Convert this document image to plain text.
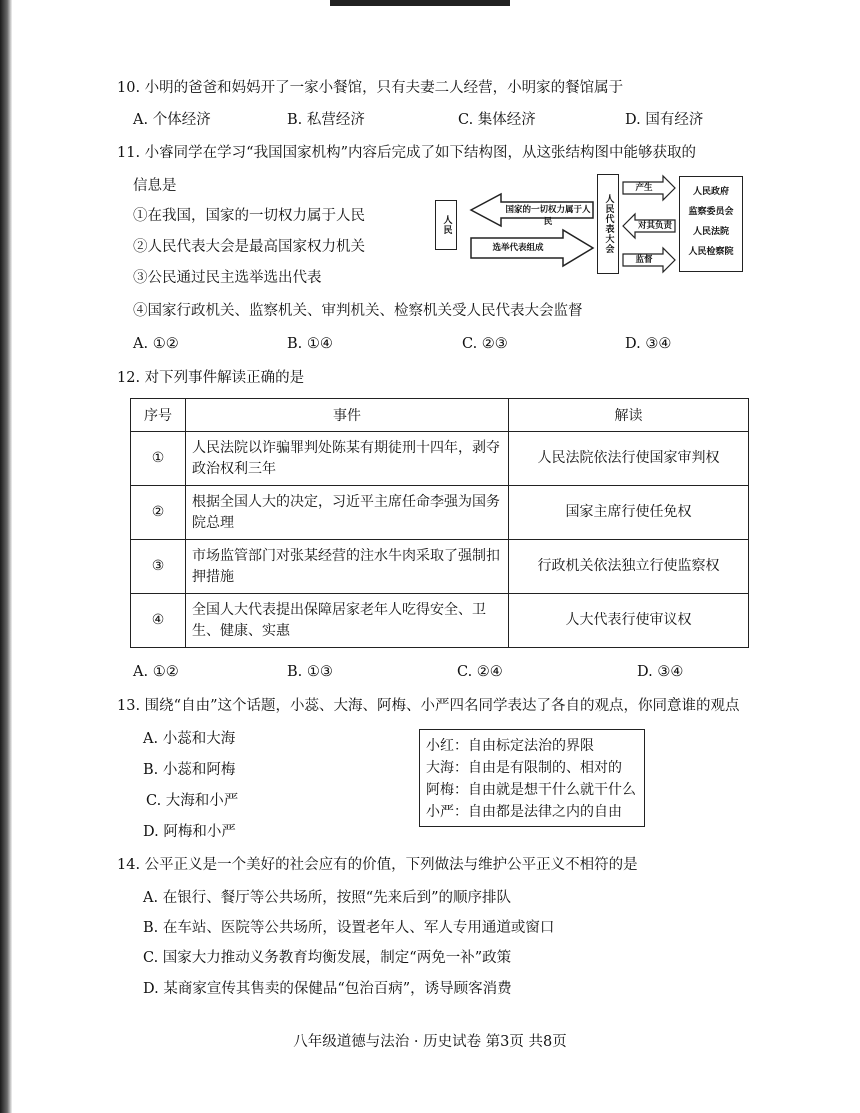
10. 小明的爸爸和妈妈开了一家小餐馆，只有夫妻二人经营，小明家的餐馆属于
A. 个体经济	B. 私营经济	C. 集体经济	D. 国有经济
11. 小睿同学在学习“我国国家机构”内容后完成了如下结构图，从这张结构图中能够获取的
信息是
①在我国，国家的一切权力属于人民
②人民代表大会是最高国家权力机关
③公民通过民主选举选出代表
④国家行政机关、监察机关、审判机关、检察机关受人民代表大会监督
A. ①②	B. ①④	C. ②③	D. ③④
人民
国家的一切权力属于人民
选举代表组成	人民代表大会
产生
对其负责
监督
人民政府
监察委员会
人民法院
人民检察院
12. 对下列事件解读正确的是
序号	事件	解读
①	人民法院以诈骗罪判处陈某有期徒刑十四年，剥夺政治权利三年	人民法院依法行使国家审判权
②	根据全国人大的决定，习近平主席任命李强为国务院总理	国家主席行使任免权
③	市场监管部门对张某经营的注水牛肉采取了强制扣押措施	行政机关依法独立行使监察权
④	全国人大代表提出保障居家老年人吃得安全、卫生、健康、实惠	人大代表行使审议权
A. ①②	B. ①③	C. ②④	D. ③④
13. 围绕“自由”这个话题，小蕊、大海、阿梅、小严四名同学表达了各自的观点，你同意谁的观点
A. 小蕊和大海
B. 小蕊和阿梅
C. 大海和小严
D. 阿梅和小严
小红：自由标定法治的界限
大海：自由是有限制的、相对的
阿梅：自由就是想干什么就干什么
小严：自由都是法律之内的自由
14. 公平正义是一个美好的社会应有的价值，下列做法与维护公平正义不相符的是
A. 在银行、餐厅等公共场所，按照“先来后到”的顺序排队
B. 在车站、医院等公共场所，设置老年人、军人专用通道或窗口
C. 国家大力推动义务教育均衡发展，制定“两免一补”政策
D. 某商家宣传其售卖的保健品“包治百病”，诱导顾客消费
八年级道德与法治 · 历史试卷 第3页 共8页
